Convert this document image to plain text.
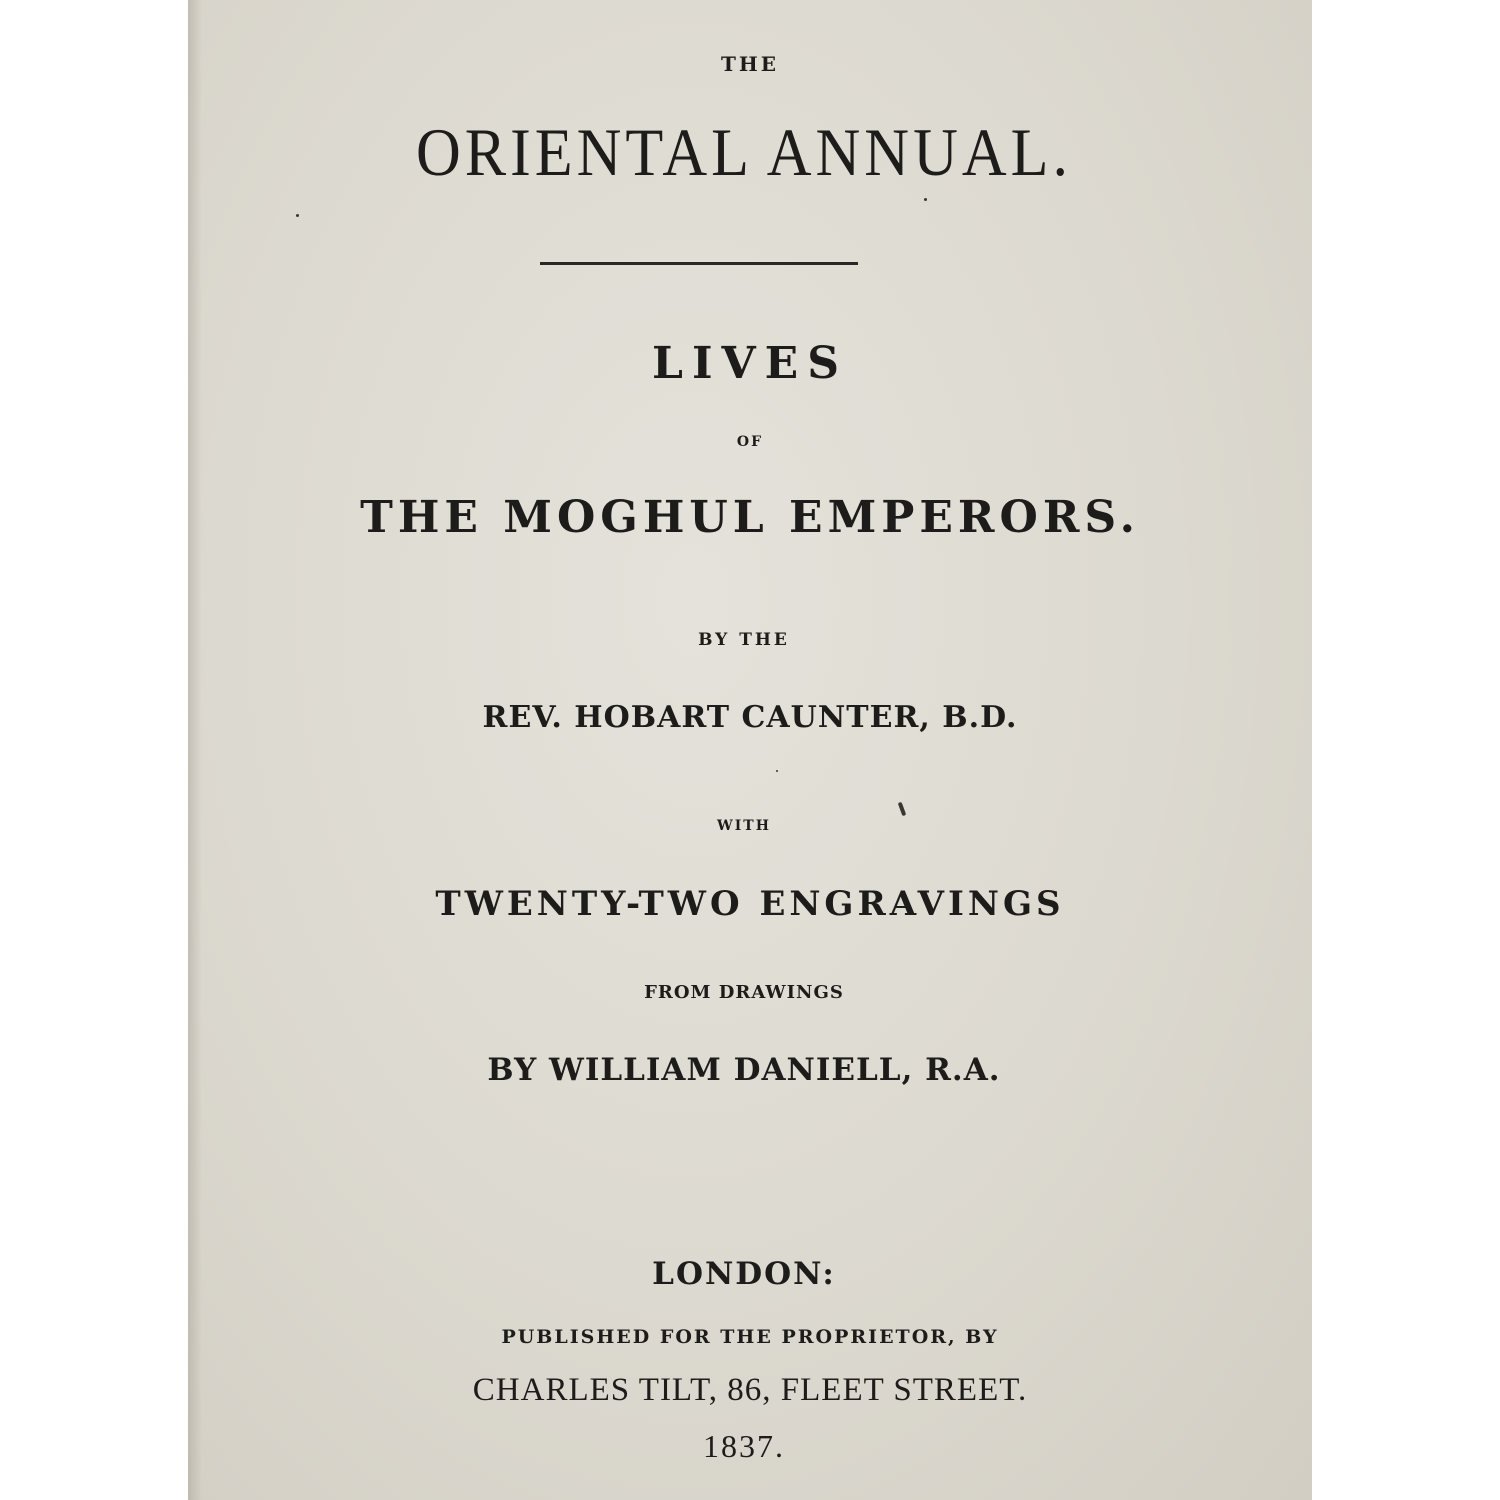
THE
ORIENTAL ANNUAL.
LIVES
OF
THE MOGHUL EMPERORS.
BY THE
REV. HOBART CAUNTER, B.D.
WITH
TWENTY-TWO ENGRAVINGS
FROM DRAWINGS
BY WILLIAM DANIELL, R.A.
LONDON:
PUBLISHED FOR THE PROPRIETOR, BY
CHARLES TILT, 86, FLEET STREET.
1837.
